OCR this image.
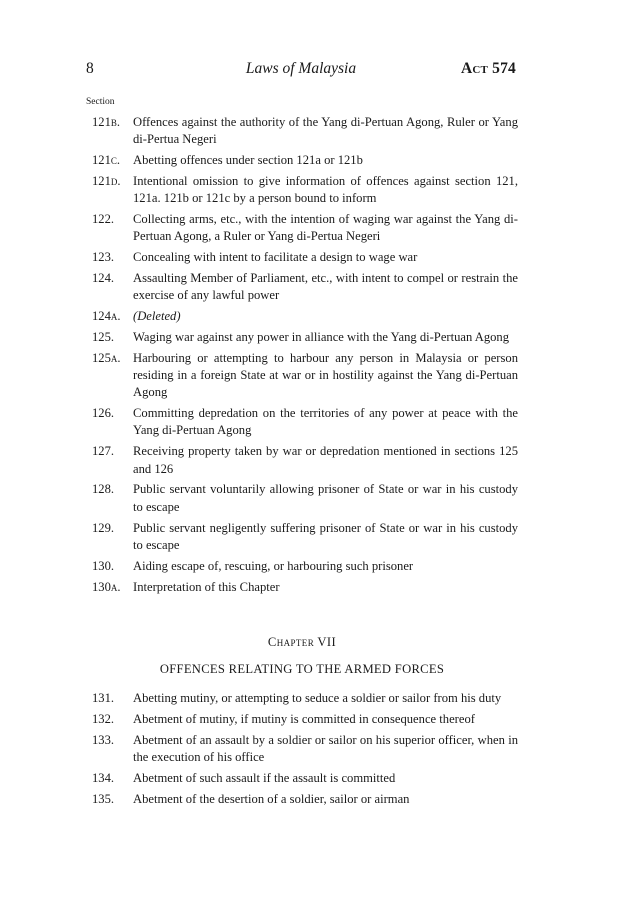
8	Laws of Malaysia	Act 574
Section
121b.	Offences against the authority of the Yang di-Pertuan Agong, Ruler or Yang di-Pertua Negeri
121c.	Abetting offences under section 121a or 121b
121d. Intentional omission to give information of offences against section 121, 121a. 121b or 121c by a person bound to inform
122.	Collecting arms, etc., with the intention of waging war against the Yang di-Pertuan Agong, a Ruler or Yang di-Pertua Negeri
123.	Concealing with intent to facilitate a design to wage war
124.	Assaulting Member of Parliament, etc., with intent to compel or restrain the exercise of any lawful power
124a. (Deleted)
125.	Waging war against any power in alliance with the Yang di-Pertuan Agong
125a. Harbouring or attempting to harbour any person in Malaysia or person residing in a foreign State at war or in hostility against the Yang di-Pertuan Agong
126.	Committing depredation on the territories of any power at peace with the Yang di-Pertuan Agong
127.	Receiving property taken by war or depredation mentioned in sections 125 and 126
128.	Public servant voluntarily allowing prisoner of State or war in his custody to escape
129.	Public servant negligently suffering prisoner of State or war in his custody to escape
130.	Aiding escape of, rescuing, or harbouring such prisoner
130a. Interpretation of this Chapter
Chapter VII
OFFENCES RELATING TO THE ARMED FORCES
131.	Abetting mutiny, or attempting to seduce a soldier or sailor from his duty
132.	Abetment of mutiny, if mutiny is committed in consequence thereof
133.	Abetment of an assault by a soldier or sailor on his superior officer, when in the execution of his office
134.	Abetment of such assault if the assault is committed
135.	Abetment of the desertion of a soldier, sailor or airman
